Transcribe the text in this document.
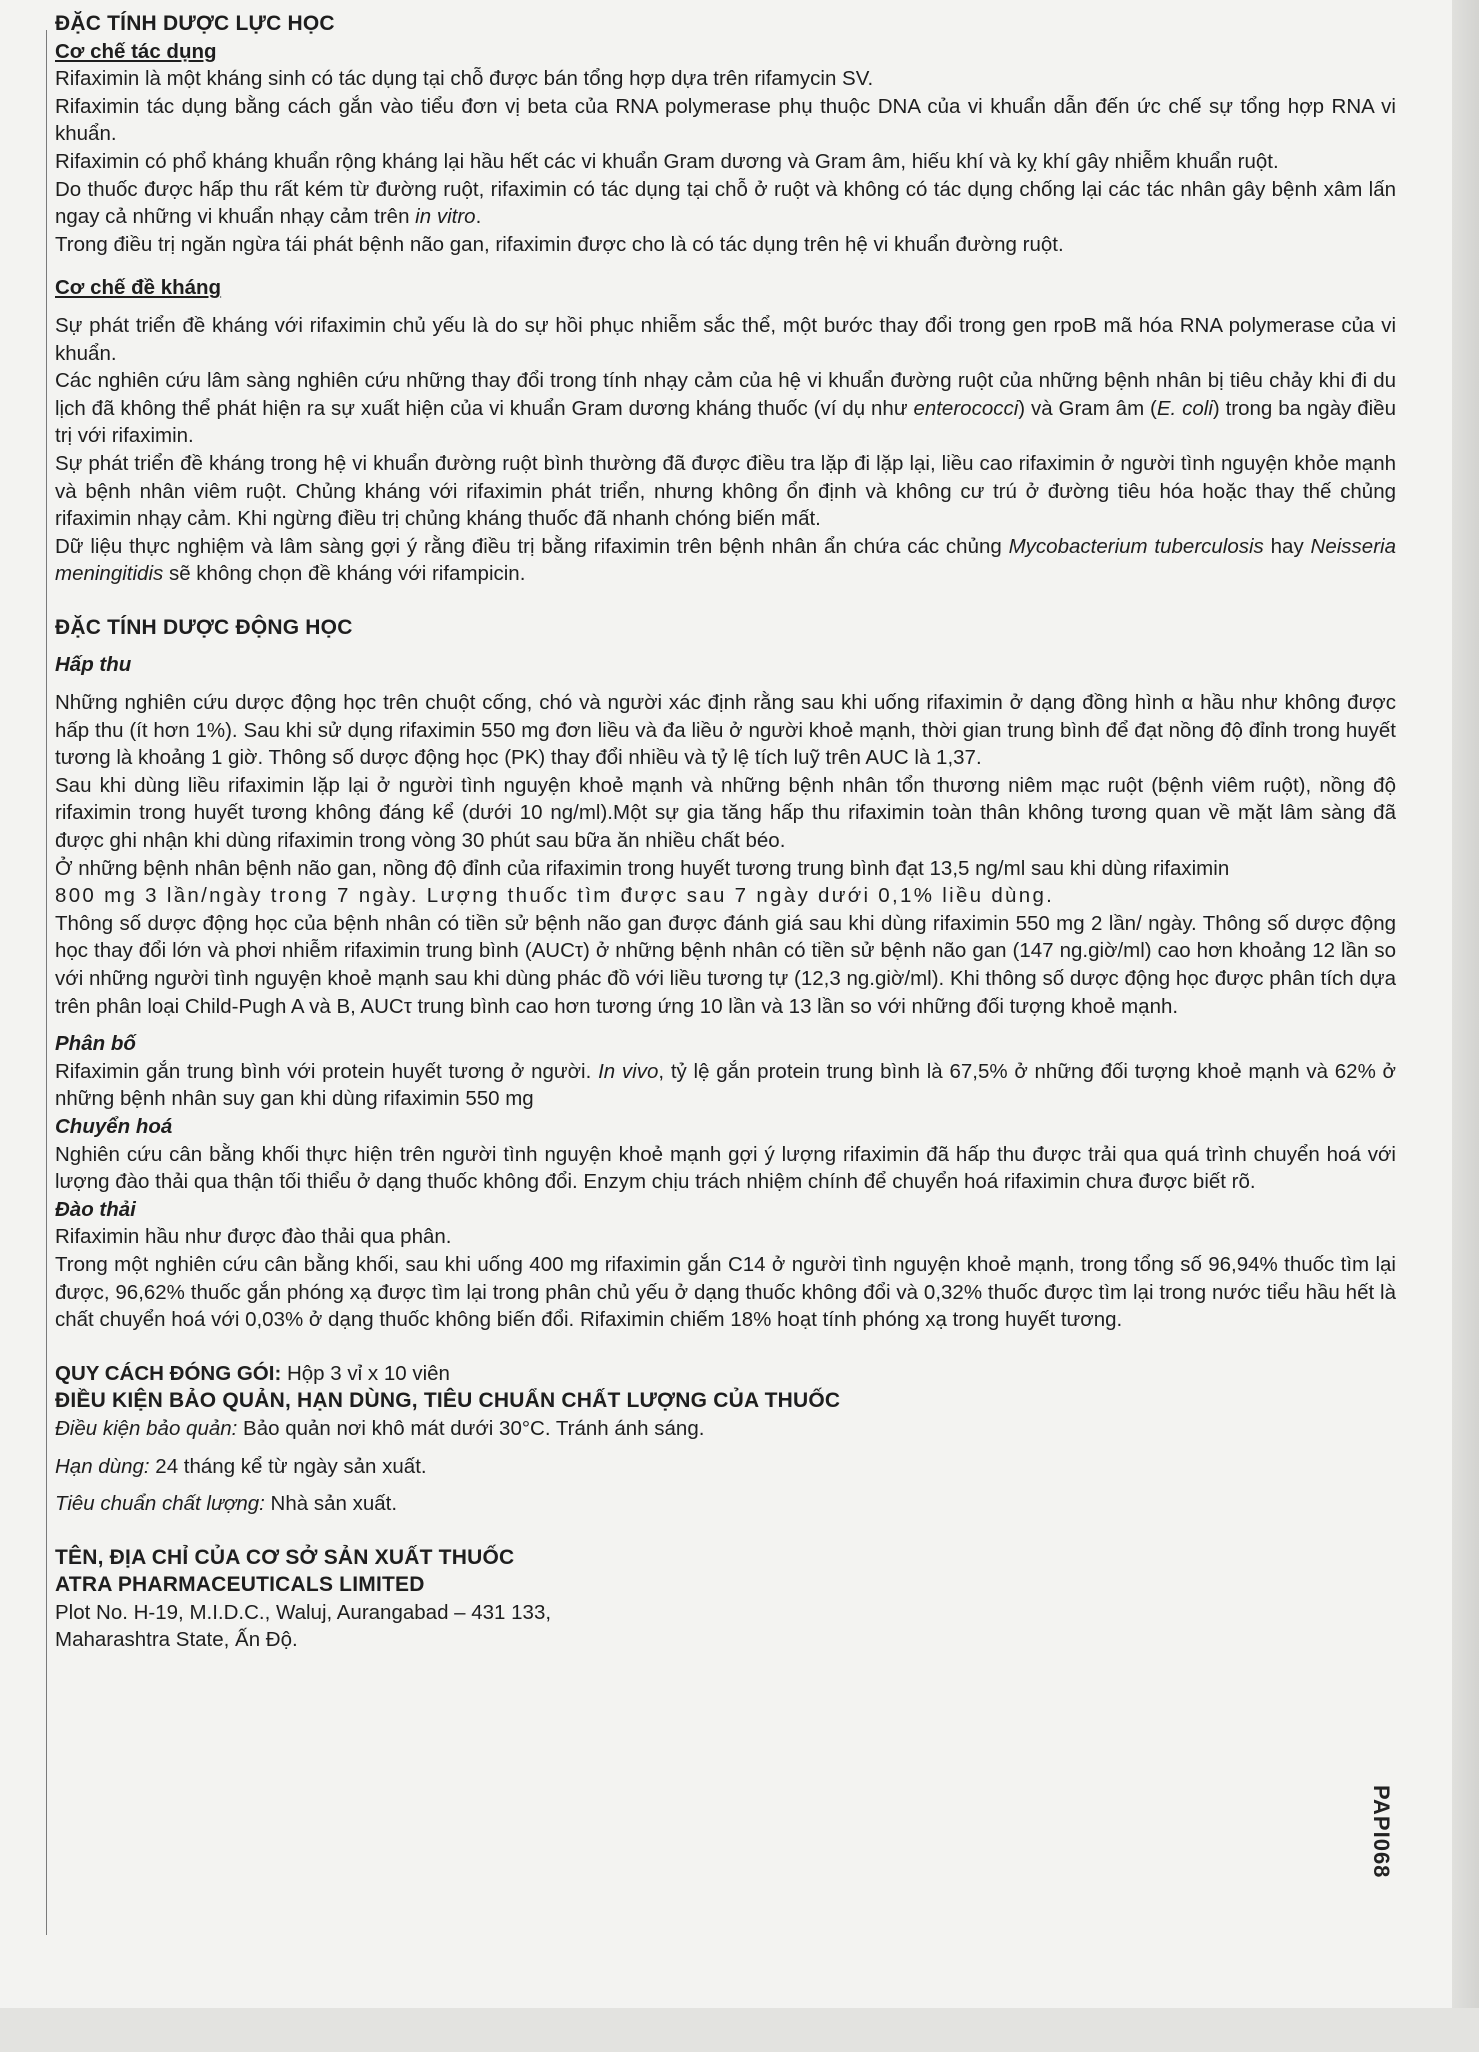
ĐẶC TÍNH DƯỢC LỰC HỌC
Cơ chế tác dụng

Rifaximin là một kháng sinh có tác dụng tại chỗ được bán tổng hợp dựa trên rifamycin SV.

Rifaximin tác dụng bằng cách gắn vào tiểu đơn vị beta của RNA polymerase phụ thuộc DNA của vi khuẩn dẫn đến ức chế sự tổng hợp RNA vi khuẩn.

Rifaximin có phổ kháng khuẩn rộng kháng lại hầu hết các vi khuẩn Gram dương và Gram âm, hiếu khí và kỵ khí gây nhiễm khuẩn ruột.

Do thuốc được hấp thu rất kém từ đường ruột, rifaximin có tác dụng tại chỗ ở ruột và không có tác dụng chống lại các tác nhân gây bệnh xâm lấn ngay cả những vi khuẩn nhạy cảm trên in vitro.

Trong điều trị ngăn ngừa tái phát bệnh não gan, rifaximin được cho là có tác dụng trên hệ vi khuẩn đường ruột.

Cơ chế đề kháng

Sự phát triển đề kháng với rifaximin chủ yếu là do sự hồi phục nhiễm sắc thể, một bước thay đổi trong gen rpoB mã hóa RNA polymerase của vi khuẩn.

Các nghiên cứu lâm sàng nghiên cứu những thay đổi trong tính nhạy cảm của hệ vi khuẩn đường ruột của những bệnh nhân bị tiêu chảy khi đi du lịch đã không thể phát hiện ra sự xuất hiện của vi khuẩn Gram dương kháng thuốc (ví dụ như enterococci) và Gram âm (E. coli) trong ba ngày điều trị với rifaximin.

Sự phát triển đề kháng trong hệ vi khuẩn đường ruột bình thường đã được điều tra lặp đi lặp lại, liều cao rifaximin ở người tình nguyện khỏe mạnh và bệnh nhân viêm ruột. Chủng kháng với rifaximin phát triển, nhưng không ổn định và không cư trú ở đường tiêu hóa hoặc thay thế chủng rifaximin nhạy cảm. Khi ngừng điều trị chủng kháng thuốc đã nhanh chóng biến mất.

Dữ liệu thực nghiệm và lâm sàng gợi ý rằng điều trị bằng rifaximin trên bệnh nhân ẩn chứa các chủng Mycobacterium tuberculosis hay Neisseria meningitidis sẽ không chọn đề kháng với rifampicin.

ĐẶC TÍNH DƯỢC ĐỘNG HỌC
Hấp thu

Những nghiên cứu dược động học trên chuột cống, chó và người xác định rằng sau khi uống rifaximin ở dạng đồng hình α hầu như không được hấp thu (ít hơn 1%). Sau khi sử dụng rifaximin 550 mg đơn liều và đa liều ở người khoẻ mạnh, thời gian trung bình để đạt nồng độ đỉnh trong huyết tương là khoảng 1 giờ. Thông số dược động học (PK) thay đổi nhiều và tỷ lệ tích luỹ trên AUC là 1,37.

Sau khi dùng liều rifaximin lặp lại ở người tình nguyện khoẻ mạnh và những bệnh nhân tổn thương niêm mạc ruột (bệnh viêm ruột), nồng độ rifaximin trong huyết tương không đáng kể (dưới 10 ng/ml).Một sự gia tăng hấp thu rifaximin toàn thân không tương quan về mặt lâm sàng đã được ghi nhận khi dùng rifaximin trong vòng 30 phút sau bữa ăn nhiều chất béo.

Ở những bệnh nhân bệnh não gan, nồng độ đỉnh của rifaximin trong huyết tương trung bình đạt 13,5 ng/ml sau khi dùng rifaximin

800 mg 3 lần/ngày trong 7 ngày. Lượng thuốc tìm được sau 7 ngày dưới 0,1% liều dùng.

Thông số dược động học của bệnh nhân có tiền sử bệnh não gan được đánh giá sau khi dùng rifaximin 550 mg 2 lần/ ngày. Thông số dược động học thay đổi lớn và phơi nhiễm rifaximin trung bình (AUCτ) ở những bệnh nhân có tiền sử bệnh não gan (147 ng.giờ/ml) cao hơn khoảng 12 lần so với những người tình nguyện khoẻ mạnh sau khi dùng phác đồ với liều tương tự (12,3 ng.giờ/ml). Khi thông số dược động học được phân tích dựa trên phân loại Child-Pugh A và B, AUCτ trung bình cao hơn tương ứng 10 lần và 13 lần so với những đối tượng khoẻ mạnh.

Phân bố

Rifaximin gắn trung bình với protein huyết tương ở người. In vivo, tỷ lệ gắn protein trung bình là 67,5% ở những đối tượng khoẻ mạnh và 62% ở những bệnh nhân suy gan khi dùng rifaximin 550 mg

Chuyển hoá

Nghiên cứu cân bằng khối thực hiện trên người tình nguyện khoẻ mạnh gợi ý lượng rifaximin đã hấp thu được trải qua quá trình chuyển hoá với lượng đào thải qua thận tối thiểu ở dạng thuốc không đổi. Enzym chịu trách nhiệm chính để chuyển hoá rifaximin chưa được biết rõ.

Đào thải

Rifaximin hầu như được đào thải qua phân.

Trong một nghiên cứu cân bằng khối, sau khi uống 400 mg rifaximin gắn C14 ở người tình nguyện khoẻ mạnh, trong tổng số 96,94% thuốc tìm lại được, 96,62% thuốc gắn phóng xạ được tìm lại trong phân chủ yếu ở dạng thuốc không đổi và 0,32% thuốc được tìm lại trong nước tiểu hầu hết là chất chuyển hoá với 0,03% ở dạng thuốc không biến đổi. Rifaximin chiếm 18% hoạt tính phóng xạ trong huyết tương.

QUY CÁCH ĐÓNG GÓI: Hộp 3 vỉ x 10 viên

ĐIỀU KIỆN BẢO QUẢN, HẠN DÙNG, TIÊU CHUẨN CHẤT LƯỢNG CỦA THUỐC

Điều kiện bảo quản: Bảo quản nơi khô mát dưới 30°C. Tránh ánh sáng.

Hạn dùng: 24 tháng kể từ ngày sản xuất.

Tiêu chuẩn chất lượng: Nhà sản xuất.

TÊN, ĐỊA CHỈ CỦA CƠ SỞ SẢN XUẤT THUỐC
ATRA PHARMACEUTICALS LIMITED

Plot No. H-19, M.I.D.C., Waluj, Aurangabad – 431 133,

Maharashtra State, Ấn Độ.

PAPI068
